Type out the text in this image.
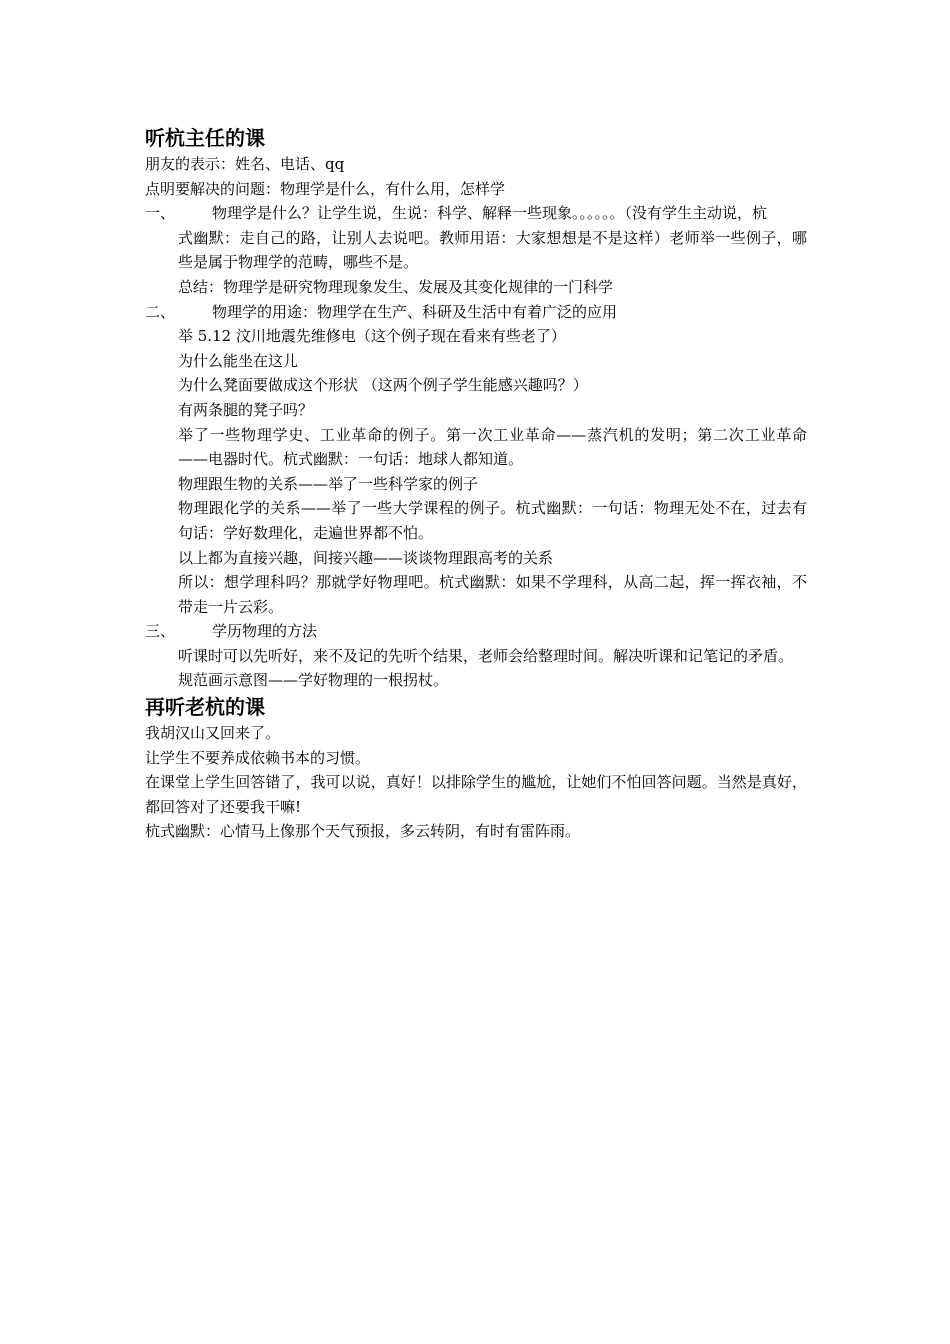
听杭主任的课

朋友的表示：姓名、电话、qq

点明要解决的问题：物理学是什么，有什么用，怎样学

一、	物理学是什么？让学生说，生说：科学、解释一些现象。。。。。。（没有学生主动说，杭

式幽默：走自己的路，让别人去说吧。教师用语：大家想想是不是这样）老师举一些例子，哪些是属于物理学的范畴，哪些不是。

总结：物理学是研究物理现象发生、发展及其变化规律的一门科学

二、	物理学的用途：物理学在生产、科研及生活中有着广泛的应用

举 5.12 汶川地震先维修电（这个例子现在看来有些老了）

为什么能坐在这儿

为什么凳面要做成这个形状 （这两个例子学生能感兴趣吗？）

有两条腿的凳子吗？

举了一些物理学史、工业革命的例子。第一次工业革命——蒸汽机的发明；第二次工业革命——电器时代。杭式幽默：一句话：地球人都知道。

物理跟生物的关系——举了一些科学家的例子

物理跟化学的关系——举了一些大学课程的例子。杭式幽默：一句话：物理无处不在，过去有句话：学好数理化，走遍世界都不怕。

以上都为直接兴趣，间接兴趣——谈谈物理跟高考的关系

所以：想学理科吗？那就学好物理吧。杭式幽默：如果不学理科，从高二起，挥一挥衣袖，不带走一片云彩。

三、	学历物理的方法

听课时可以先听好，来不及记的先听个结果，老师会给整理时间。解决听课和记笔记的矛盾。

规范画示意图——学好物理的一根拐杖。

再听老杭的课

我胡汉山又回来了。

让学生不要养成依赖书本的习惯。

在课堂上学生回答错了，我可以说，真好！以排除学生的尴尬，让她们不怕回答问题。当然是真好，都回答对了还要我干嘛!

杭式幽默：心情马上像那个天气预报，多云转阴，有时有雷阵雨。
